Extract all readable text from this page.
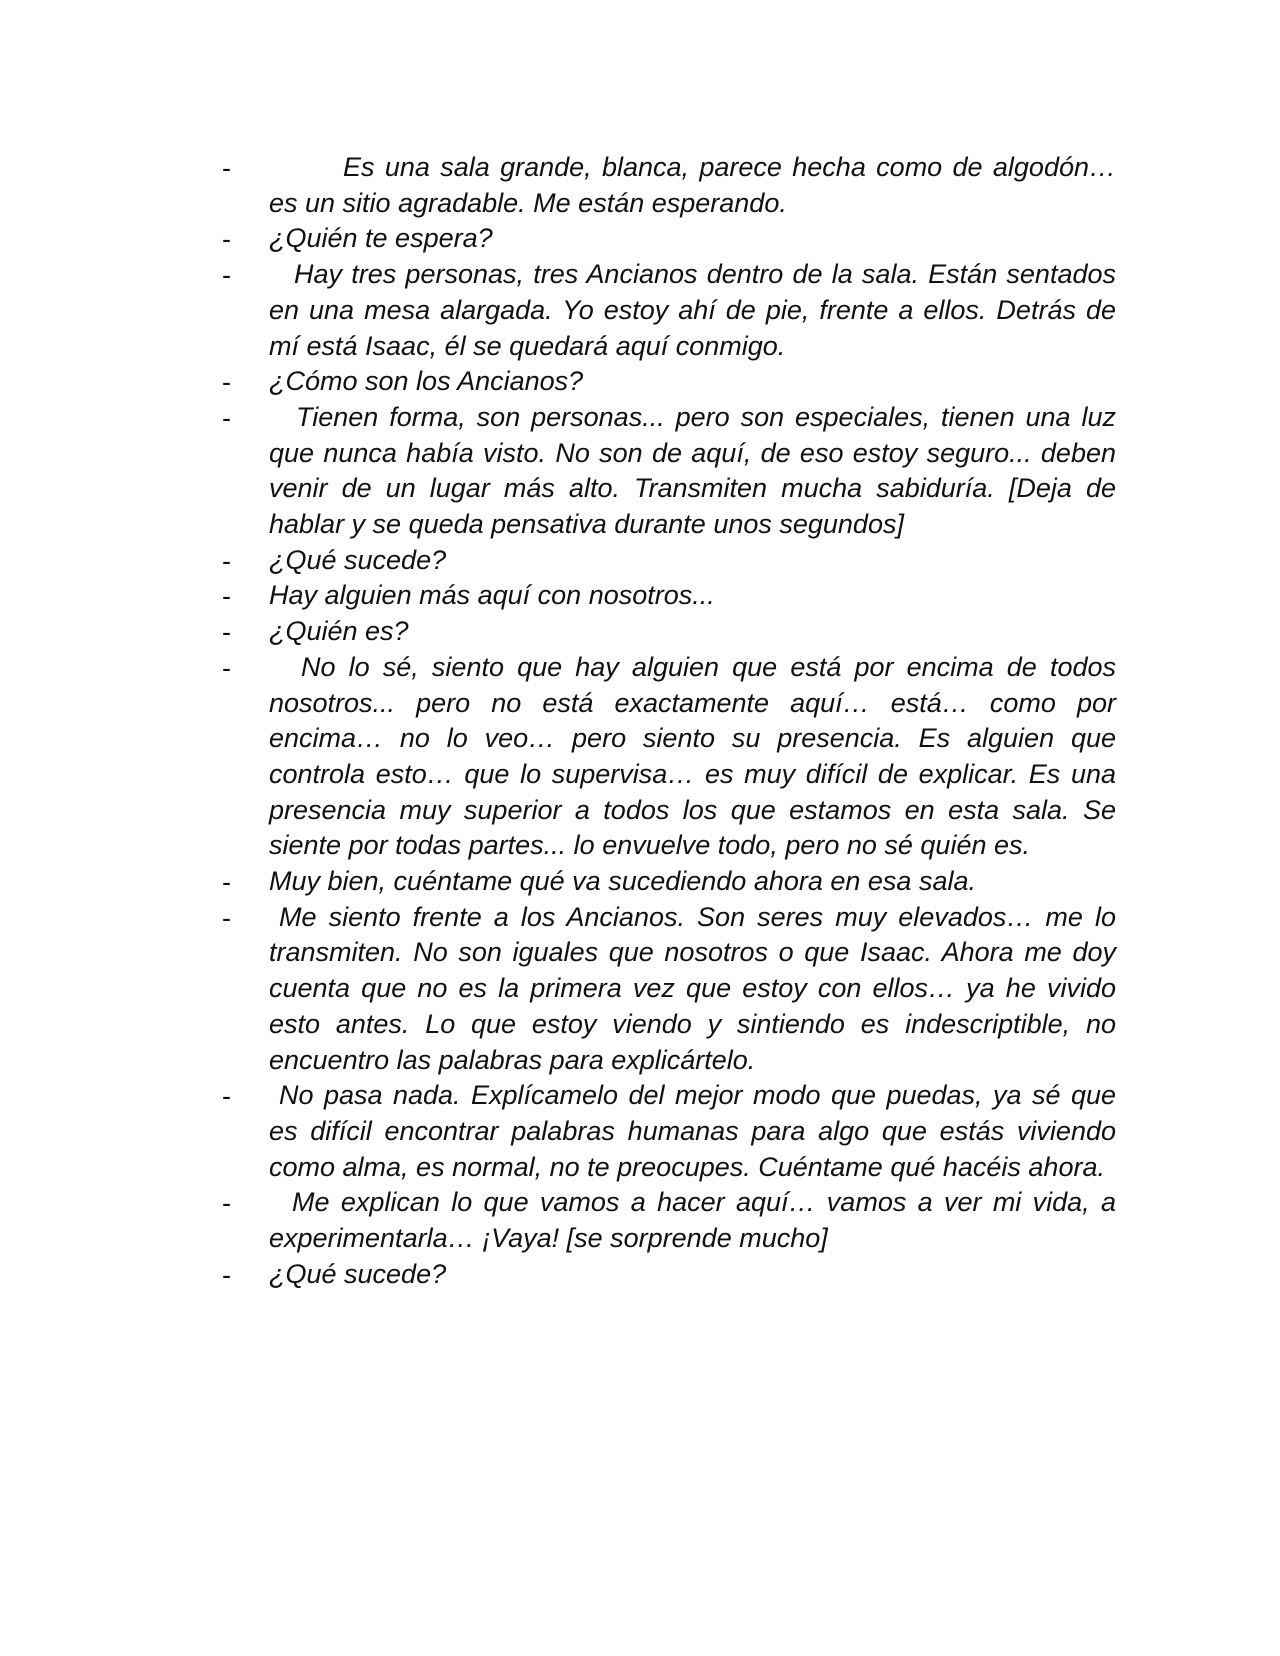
-	Es una sala grande, blanca, parece hecha como de algodón… es un sitio agradable. Me están esperando.
- ¿Quién te espera?
-	Hay tres personas, tres Ancianos dentro de la sala. Están sentados en una mesa alargada. Yo estoy ahí de pie, frente a ellos. Detrás de mí está Isaac, él se quedará aquí conmigo.
- ¿Cómo son los Ancianos?
-	Tienen forma, son personas... pero son especiales, tienen una luz que nunca había visto. No son de aquí, de eso estoy seguro... deben venir de un lugar más alto. Transmiten mucha sabiduría. [Deja de hablar y se queda pensativa durante unos segundos]
- ¿Qué sucede?
- Hay alguien más aquí con nosotros...
- ¿Quién es?
-	No lo sé, siento que hay alguien que está por encima de todos nosotros... pero no está exactamente aquí… está… como por encima… no lo veo… pero siento su presencia. Es alguien que controla esto… que lo supervisa… es muy difícil de explicar. Es una presencia muy superior a todos los que estamos en esta sala. Se siente por todas partes... lo envuelve todo, pero no sé quién es.
- Muy bien, cuéntame qué va sucediendo ahora en esa sala.
-	Me siento frente a los Ancianos. Son seres muy elevados… me lo transmiten. No son iguales que nosotros o que Isaac. Ahora me doy cuenta que no es la primera vez que estoy con ellos… ya he vivido esto antes. Lo que estoy viendo y sintiendo es indescriptible, no encuentro las palabras para explicártelo.
-	No pasa nada. Explícamelo del mejor modo que puedas, ya sé que es difícil encontrar palabras humanas para algo que estás viviendo como alma, es normal, no te preocupes. Cuéntame qué hacéis ahora.
-	Me explican lo que vamos a hacer aquí… vamos a ver mi vida, a experimentarla… ¡Vaya! [se sorprende mucho]
- ¿Qué sucede?
